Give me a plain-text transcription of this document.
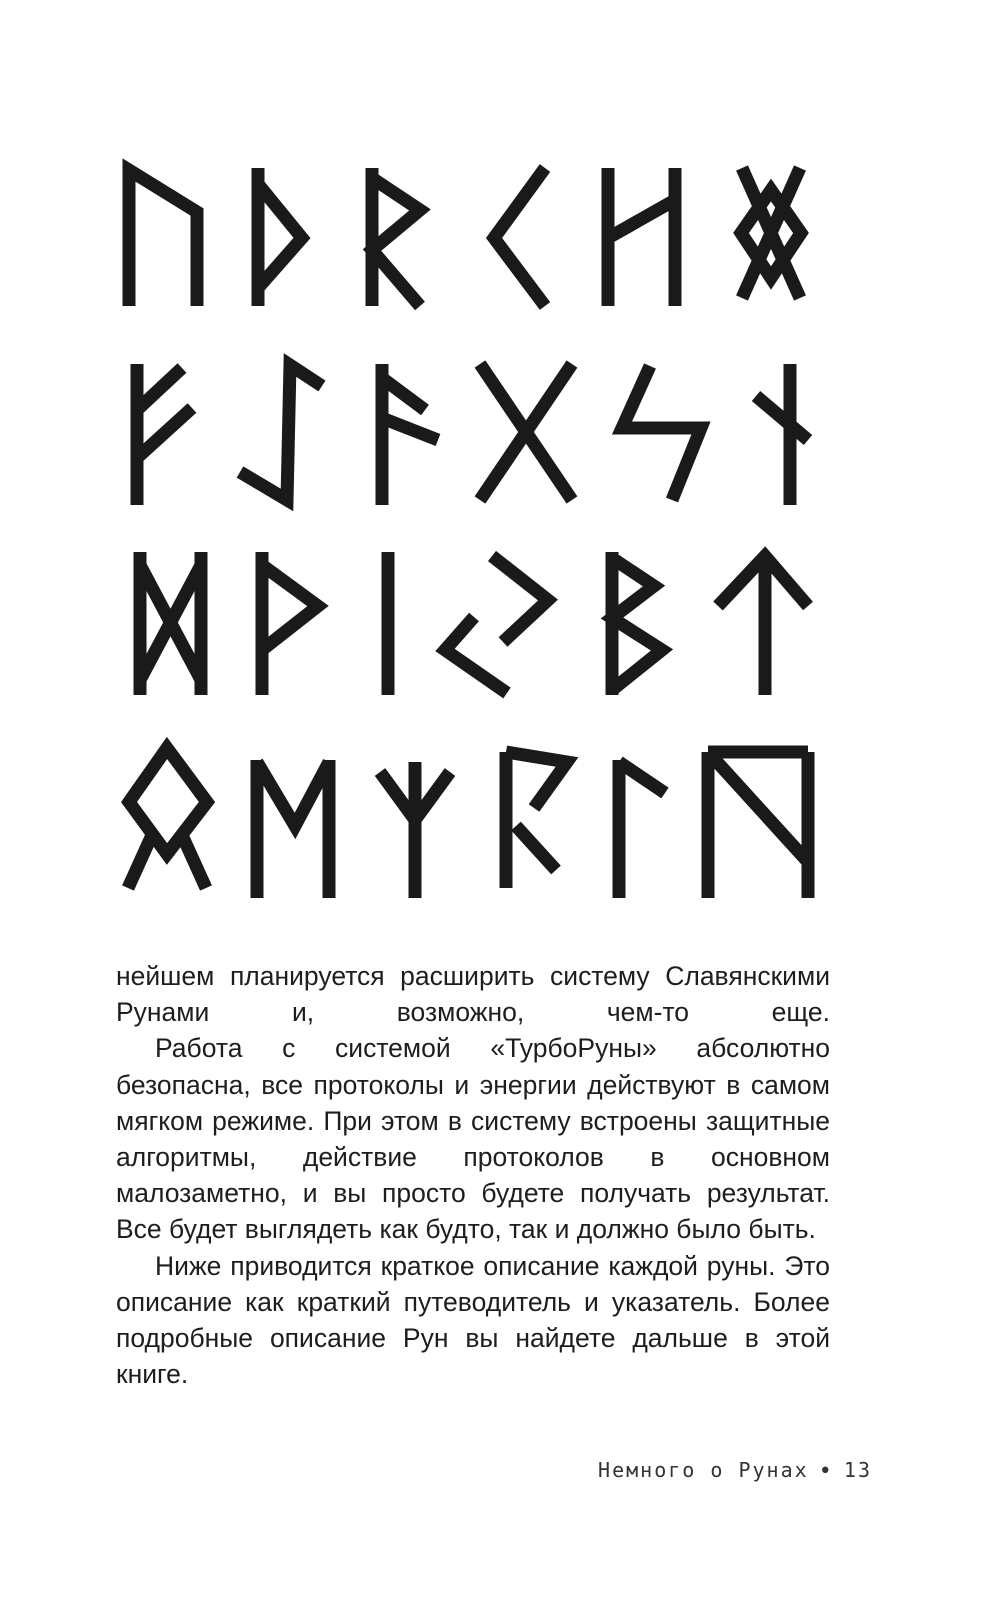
нейшем планируется расширить систему Славянскими Рунами и, возможно, чем-то еще.

Работа с системой «ТурбоРуны» абсолютно безопасна, все протоколы и энергии действуют в самом мягком режиме. При этом в систему встроены защитные алгоритмы, действие протоколов в основном малозаметно, и вы просто будете получать результат. Все будет выглядеть как будто, так и должно было быть.

Ниже приводится краткое описание каждой руны. Это описание как краткий путеводитель и указатель. Более подробные описание Рун вы найдете дальше в этой книге.

Немного о Рунах • 13
